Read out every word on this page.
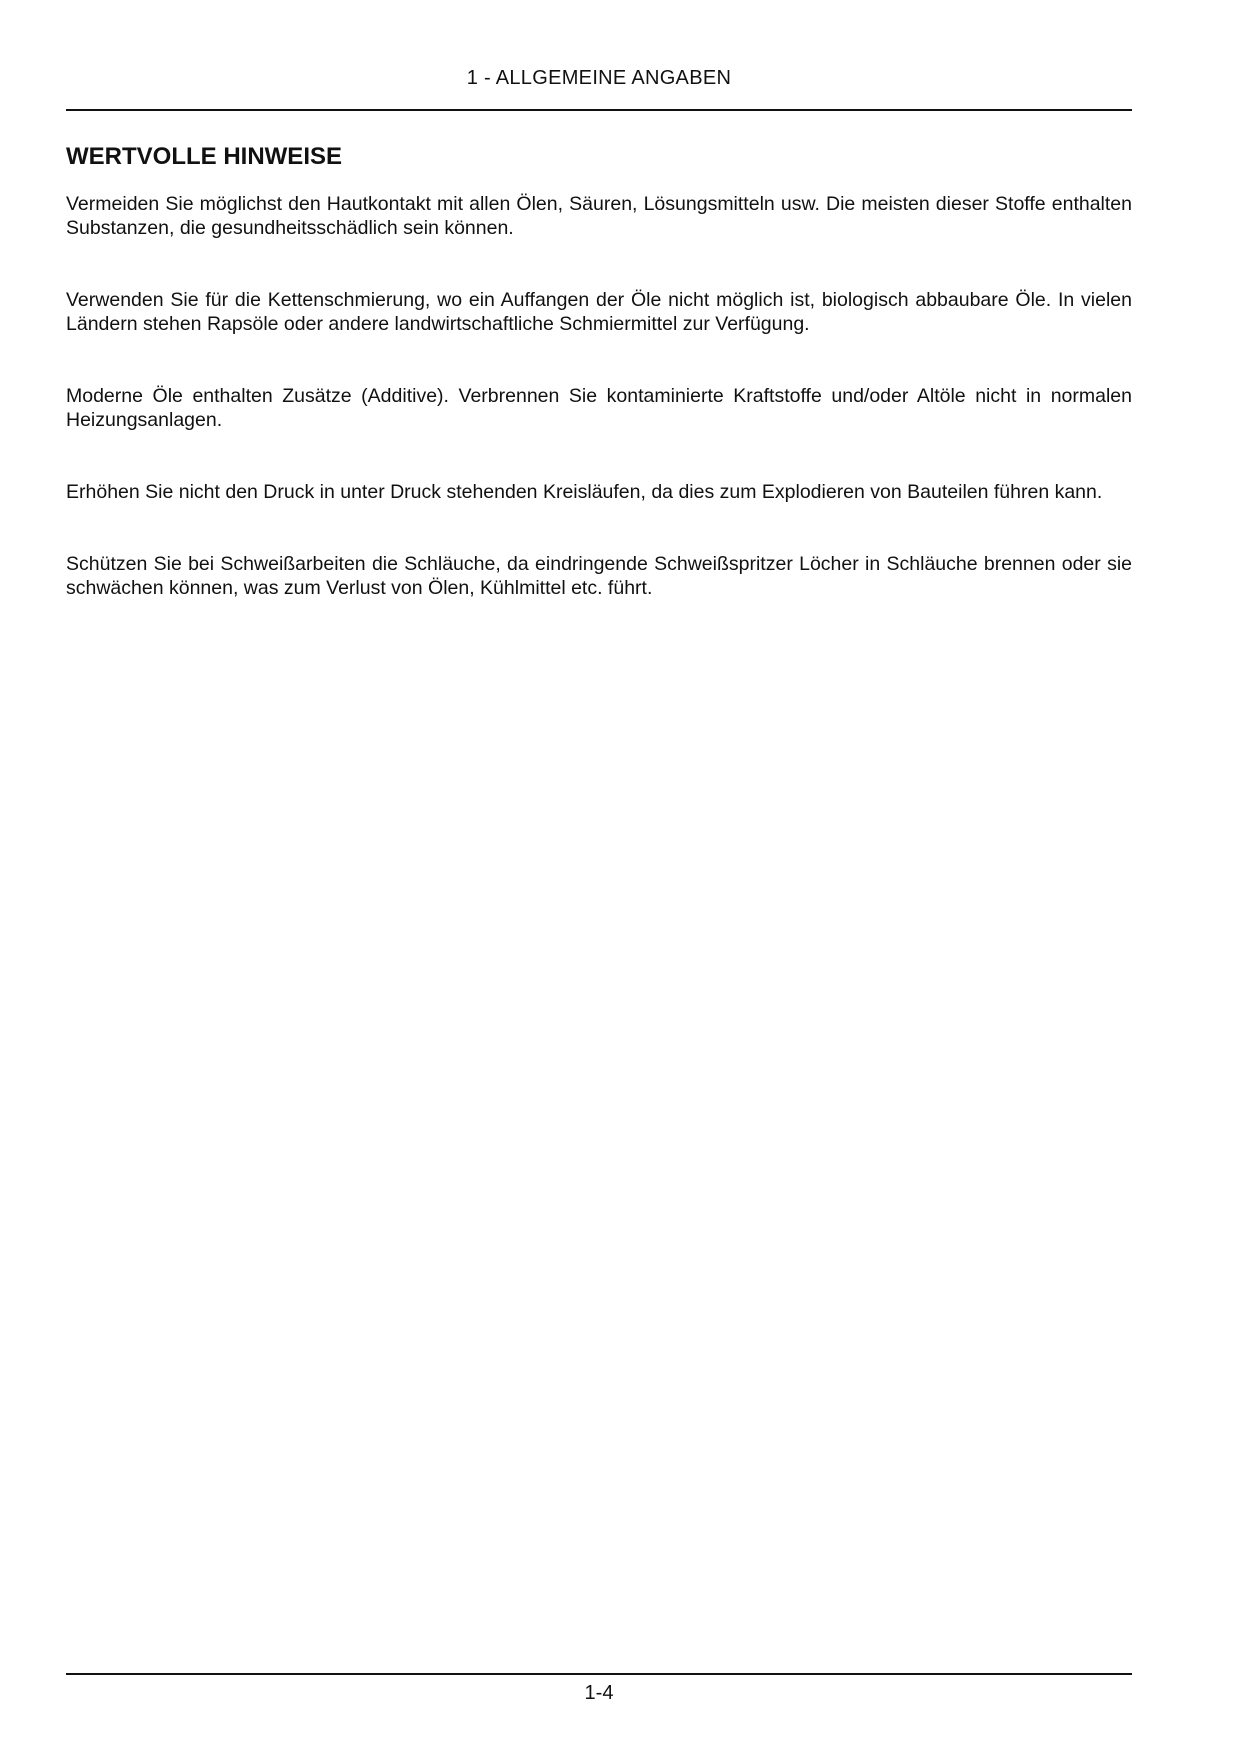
1 - ALLGEMEINE ANGABEN
WERTVOLLE HINWEISE

Vermeiden Sie möglichst den Hautkontakt mit allen Ölen, Säuren, Lösungsmitteln usw. Die meisten dieser Stoffe enthalten Substanzen, die gesundheitsschädlich sein können.

Verwenden Sie für die Kettenschmierung, wo ein Auffangen der Öle nicht möglich ist, biologisch abbaubare Öle. In vielen Ländern stehen Rapsöle oder andere landwirtschaftliche Schmiermittel zur Verfügung.

Moderne Öle enthalten Zusätze (Additive). Verbrennen Sie kontaminierte Kraftstoffe und/oder Altöle nicht in normalen Heizungsanlagen.

Erhöhen Sie nicht den Druck in unter Druck stehenden Kreisläufen, da dies zum Explodieren von Bauteilen führen kann.

Schützen Sie bei Schweißarbeiten die Schläuche, da eindringende Schweißspritzer Löcher in Schläuche brennen oder sie schwächen können, was zum Verlust von Ölen, Kühlmittel etc. führt.

1-4
